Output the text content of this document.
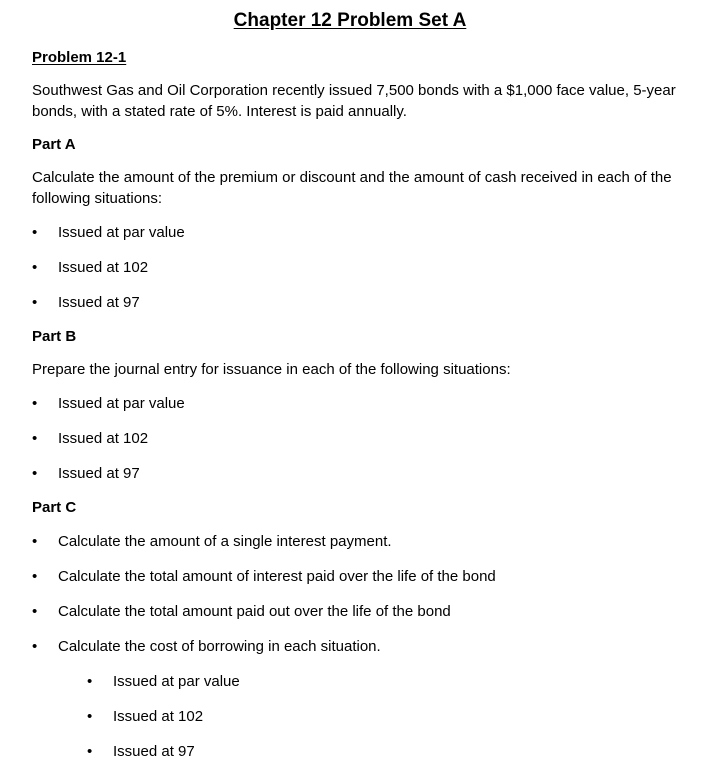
Chapter 12 Problem Set A
Problem 12-1
Southwest Gas and Oil Corporation recently issued 7,500 bonds with a $1,000 face value, 5-year bonds, with a stated rate of 5%. Interest is paid annually.
Part A
Calculate the amount of the premium or discount and the amount of cash received in each of the following situations:
• Issued at par value
• Issued at 102
• Issued at 97
Part B
Prepare the journal entry for issuance in each of the following situations:
• Issued at par value
• Issued at 102
• Issued at 97
Part C
• Calculate the amount of a single interest payment.
• Calculate the total amount of interest paid over the life of the bond
• Calculate the total amount paid out over the life of the bond
• Calculate the cost of borrowing in each situation.
• Issued at par value
• Issued at 102
• Issued at 97
